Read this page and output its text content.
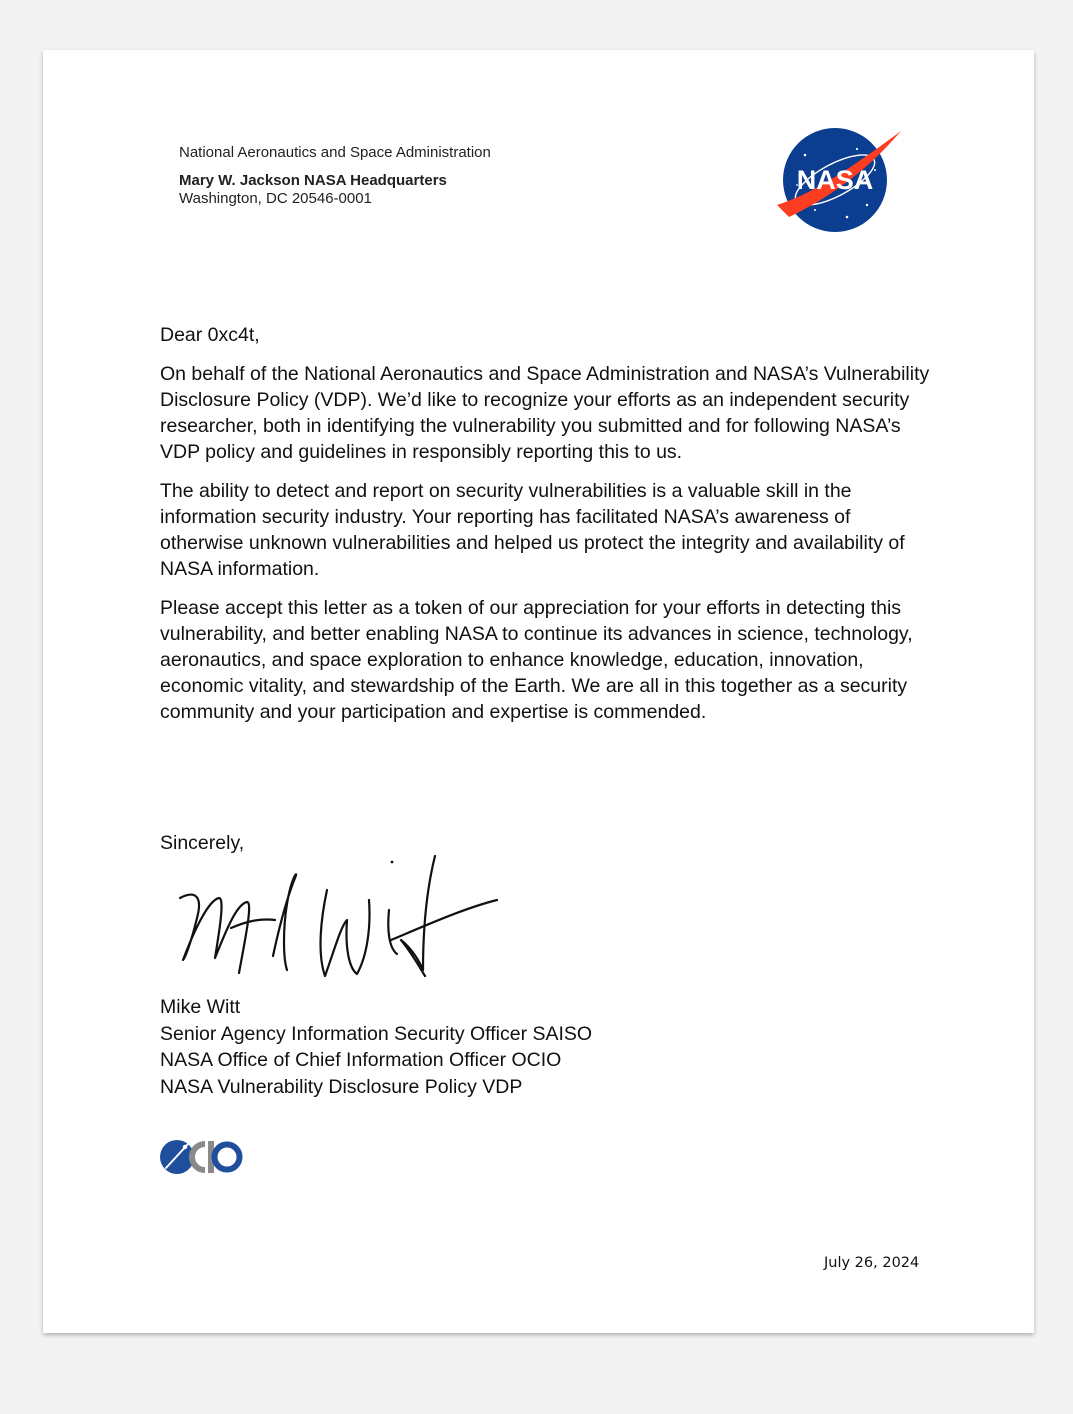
National Aeronautics and Space Administration
Mary W. Jackson NASA Headquarters
Washington, DC 20546-0001
NASA

Dear 0xc4t,

On behalf of the National Aeronautics and Space Administration and NASA’s Vulnerability Disclosure Policy (VDP). We’d like to recognize your efforts as an independent security researcher, both in identifying the vulnerability you submitted and for following NASA’s VDP policy and guidelines in responsibly reporting this to us.

The ability to detect and report on security vulnerabilities is a valuable skill in the information security industry. Your reporting has facilitated NASA’s awareness of otherwise unknown vulnerabilities and helped us protect the integrity and availability of NASA information.

Please accept this letter as a token of our appreciation for your efforts in detecting this vulnerability, and better enabling NASA to continue its advances in science, technology, aeronautics, and space exploration to enhance knowledge, education, innovation, economic vitality, and stewardship of the Earth. We are all in this together as a security community and your participation and expertise is commended.

Sincerely,
Mike Witt
Senior Agency Information Security Officer SAISO
NASA Office of Chief Information Officer OCIO
NASA Vulnerability Disclosure Policy VDP
July 26, 2024
